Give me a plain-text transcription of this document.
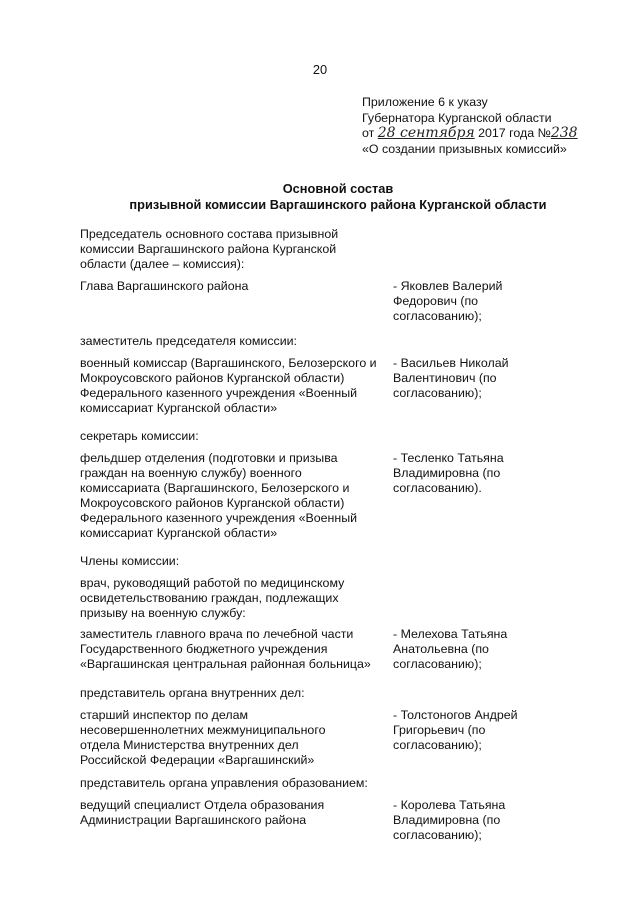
20
Приложение 6 к указу
Губернатора Курганской области
от 28 сентября 2017 года №238
«О создании призывных комиссий»
Основной состав
призывной комиссии Варгашинского района Курганской области

Председатель основного состава призывной комиссии Варгашинского района Курганской области (далее – комиссия):

Глава Варгашинского района	- Яковлев Валерий Федорович (по согласованию);

заместитель председателя комиссии:

военный комиссар (Варгашинского, Белозерского и Мокроусовского районов Курганской области) Федерального казенного учреждения «Военный комиссариат Курганской области»

- Васильев Николай Валентинович (по согласованию);

секретарь комиссии:

фельдшер отделения (подготовки и призыва граждан на военную службу) военного комиссариата (Варгашинского, Белозерского и Мокроусовского районов Курганской области) Федерального казенного учреждения «Военный комиссариат Курганской области»

- Тесленко Татьяна Владимировна (по согласованию).

Члены комиссии:

врач, руководящий работой по медицинскому освидетельствованию граждан, подлежащих призыву на военную службу:

заместитель главного врача по лечебной части Государственного бюджетного учреждения «Варгашинская центральная районная больница»

- Мелехова Татьяна Анатольевна (по согласованию);

представитель органа внутренних дел:

старший инспектор по делам несовершеннолетних межмуниципального отдела Министерства внутренних дел Российской Федерации «Варгашинский»

- Толстоногов Андрей Григорьевич (по согласованию);

представитель органа управления образованием:

ведущий специалист Отдела образования Администрации Варгашинского района

- Королева Татьяна Владимировна (по согласованию);
